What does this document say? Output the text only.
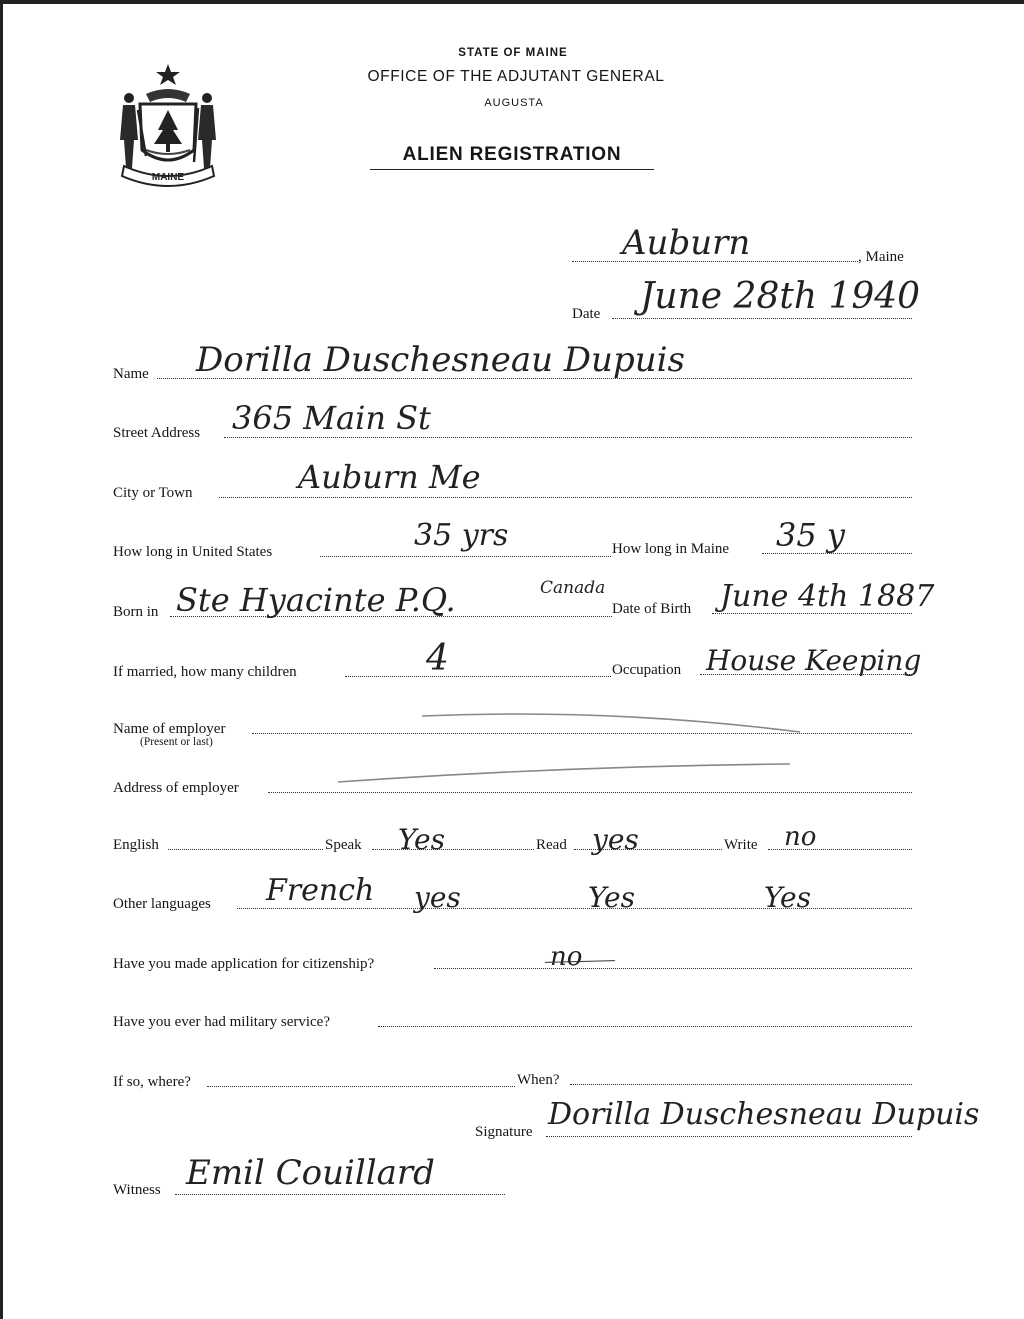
MAINE
STATE OF MAINE
OFFICE OF THE ADJUTANT GENERAL
AUGUSTA
ALIEN REGISTRATION
, Maine
Auburn
Date June 28th 1940
Name Dorilla Duschesneau Dupuis
Street Address 365 Main St
City or Town	Auburn Me
How long in United States	35 yrs	How long in Maine 35 y
Born in Ste Hyacinte P.Q.	Canada
Date of Birth June 4th 1887
If married, how many children	4	Occupation House Keeping
Name of employer
(Present or last)
Address of employer
English	Speak Yes	Read yes	Write no
Other languages French yes	Yes	Yes
Have you made application for citizenship?	no
Have you ever had military service?
If so, where?	When?
Signature Dorilla Duschesneau Dupuis
Witness Emil Couillard
